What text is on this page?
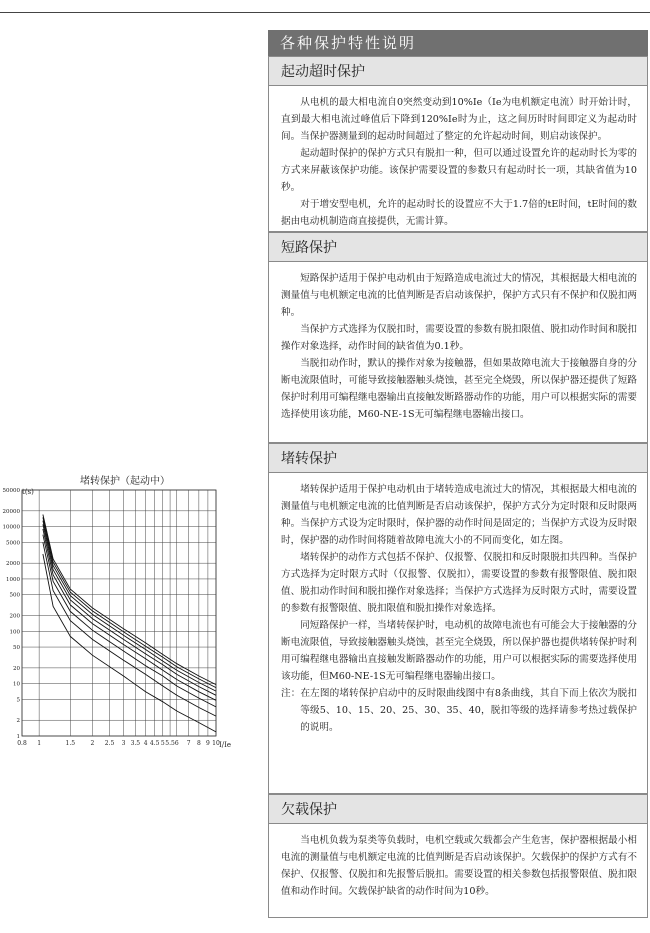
堵转保护（起动中）
t(s)
I/Ie
1
2
5
10
20
50
100
200
500
1000
2000
5000
10000
20000
50000
0.8 1	1.5	2 2.5 3 3.5 4 4.5 5 5.5 6 7 8 9 10
各种保护特性说明
起动超时保护

从电机的最大相电流自0突然变动到10%Ie（Ie为电机额定电流）时开始计时，直到最大相电流过峰值后下降到120%Ie时为止，这之间历时时间即定义为起动时间。当保护器测量到的起动时间超过了整定的允许起动时间，则启动该保护。

起动超时保护的保护方式只有脱扣一种，但可以通过设置允许的起动时长为零的方式来屏蔽该保护功能。该保护需要设置的参数只有起动时长一项，其缺省值为10秒。

对于增安型电机，允许的起动时长的设置应不大于1.7倍的tE时间，tE时间的数据由电动机制造商直接提供，无需计算。

短路保护

短路保护适用于保护电动机由于短路造成电流过大的情况，其根据最大相电流的测量值与电机额定电流的比值判断是否启动该保护，保护方式只有不保护和仅脱扣两种。

当保护方式选择为仅脱扣时，需要设置的参数有脱扣限值、脱扣动作时间和脱扣操作对象选择，动作时间的缺省值为0.1秒。

当脱扣动作时，默认的操作对象为接触器，但如果故障电流大于接触器自身的分断电流限值时，可能导致接触器触头烧蚀，甚至完全烧毁，所以保护器还提供了短路保护时利用可编程继电器输出直接触发断路器动作的功能，用户可以根据实际的需要选择使用该功能，M60-NE-1S无可编程继电器输出接口。

堵转保护

堵转保护适用于保护电动机由于堵转造成电流过大的情况，其根据最大相电流的测量值与电机额定电流的比值判断是否启动该保护，保护方式分为定时限和反时限两种。当保护方式设为定时限时，保护器的动作时间是固定的；当保护方式设为反时限时，保护器的动作时间将随着故障电流大小的不同而变化，如左图。

堵转保护的动作方式包括不保护、仅报警、仅脱扣和反时限脱扣共四种。当保护方式选择为定时限方式时（仅报警、仅脱扣），需要设置的参数有报警限值、脱扣限值、脱扣动作时间和脱扣操作对象选择；当保护方式选择为反时限方式时，需要设置的参数有报警限值、脱扣限值和脱扣操作对象选择。

同短路保护一样，当堵转保护时，电动机的故障电流也有可能会大于接触器的分断电流限值，导致接触器触头烧蚀，甚至完全烧毁，所以保护器也提供堵转保护时利用可编程继电器输出直接触发断路器动作的功能，用户可以根据实际的需要选择使用该功能，但M60-NE-1S无可编程继电器输出接口。

注：在左图的堵转保护启动中的反时限曲线图中有8条曲线，其自下而上依次为脱扣等级5、10、15、20、25、30、35、40，脱扣等级的选择请参考热过载保护的说明。

欠载保护

当电机负载为泵类等负载时，电机空载或欠载都会产生危害，保护器根据最小相电流的测量值与电机额定电流的比值判断是否启动该保护。欠载保护的保护方式有不保护、仅报警、仅脱扣和先报警后脱扣。需要设置的相关参数包括报警限值、脱扣限值和动作时间。欠载保护缺省的动作时间为10秒。
